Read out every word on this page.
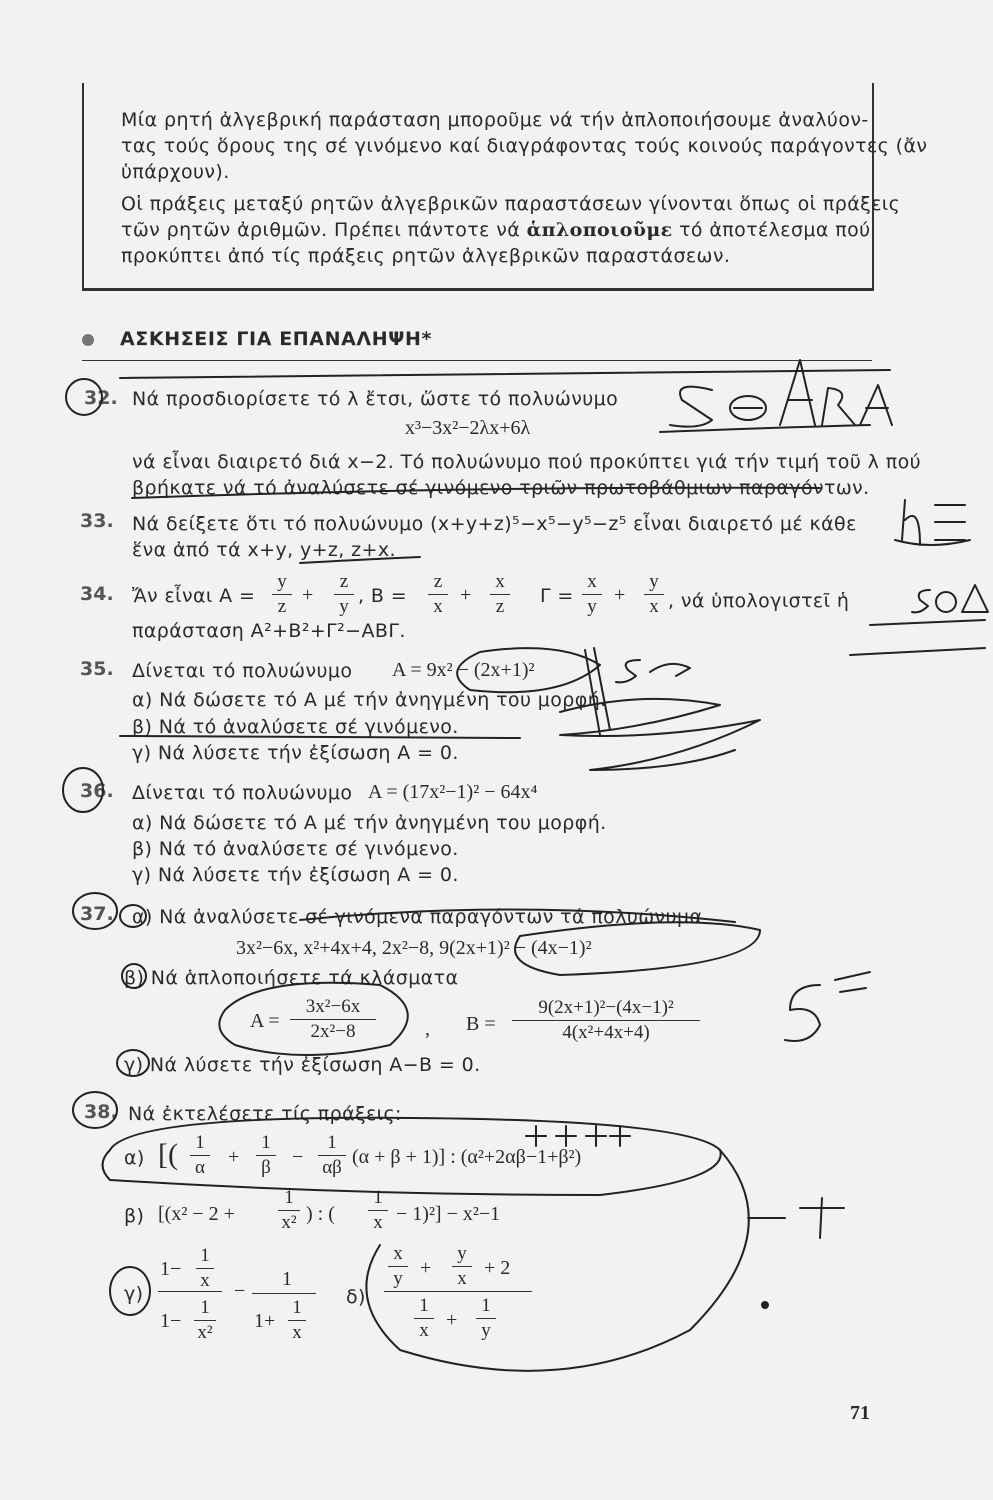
Μία ρητή ἀλγεβρική παράσταση μποροῦμε νά τήν ἁπλοποιήσουμε ἀναλύον-

τας τούς ὅρους της σέ γινόμενο καί διαγράφοντας τούς κοινούς παράγοντες (ἄν

ὑπάρχουν).

Οἱ πράξεις μεταξύ ρητῶν ἀλγεβρικῶν παραστάσεων γίνονται ὅπως οἱ πράξεις

τῶν ρητῶν ἀριθμῶν. Πρέπει πάντοτε νά ἁπλοποιοῦμε τό ἀποτέλεσμα πού

προκύπτει ἀπό τίς πράξεις ρητῶν ἀλγεβρικῶν παραστάσεων.

ΑΣΚΗΣΕΙΣ ΓΙΑ ΕΠΑΝΑΛΗΨΗ*
32. Νά προσδιορίσετε τό λ ἔτσι, ὥστε τό πολυώνυμο
x³−3x²−2λx+6λ
νά εἶναι διαιρετό διά x−2. Τό πολυώνυμο πού προκύπτει γιά τήν τιμή τοῦ λ πού
βρήκατε νά τό ἀναλύσετε σέ γινόμενο τριῶν πρωτοβάθμιων παραγόντων.
33. Νά δείξετε ὅτι τό πολυώνυμο (x+y+z)⁵−x⁵−y⁵−z⁵ εἶναι διαιρετό μέ κάθε
ἕνα ἀπό τά x+y, y+z, z+x.
34. Ἄν εἶναι A =
y
z
+
z
y , B =
z
x
+
x
z	Γ =
x
y
+
y
x , νά ὑπολογιστεῖ ἡ
παράσταση A²+B²+Γ²−ΑΒΓ.
35. Δίνεται τό πολυώνυμο A = 9x² − (2x+1)²
α) Νά δώσετε τό A μέ τήν ἀνηγμένη του μορφή.
β) Νά τό ἀναλύσετε σέ γινόμενο.
γ) Νά λύσετε τήν ἐξίσωση A = 0.
36. Δίνεται τό πολυώνυμο A = (17x²−1)² − 64x⁴
α) Νά δώσετε τό A μέ τήν ἀνηγμένη του μορφή.
β) Νά τό ἀναλύσετε σέ γινόμενο.
γ) Νά λύσετε τήν ἐξίσωση A = 0.
37. α) Νά ἀναλύσετε σέ γινόμενα παραγόντων τά πολυώνυμα
3x²−6x, x²+4x+4, 2x²−8, 9(2x+1)² − (4x−1)²
β) Νά ἁπλοποιήσετε τά κλάσματα
A =
3x²−6x
2x²−8	, B =
9(2x+1)²−(4x−1)²
4(x²+4x+4)
γ) Νά λύσετε τήν ἐξίσωση A−B = 0.
38. Νά ἐκτελέσετε τίς πράξεις:
α) [( 1
α +
1
β −
1
αβ (α + β + 1)] : (α²+2αβ−1+β²)
β) [(x² − 2 +
1
x² ) : (
1
x − 1)²] − x²−1
γ)
1−
1
x
1−
1
x²
−
1
1+
1
x
δ)
x
y +
y
x + 2
1
x +
1
y
71
